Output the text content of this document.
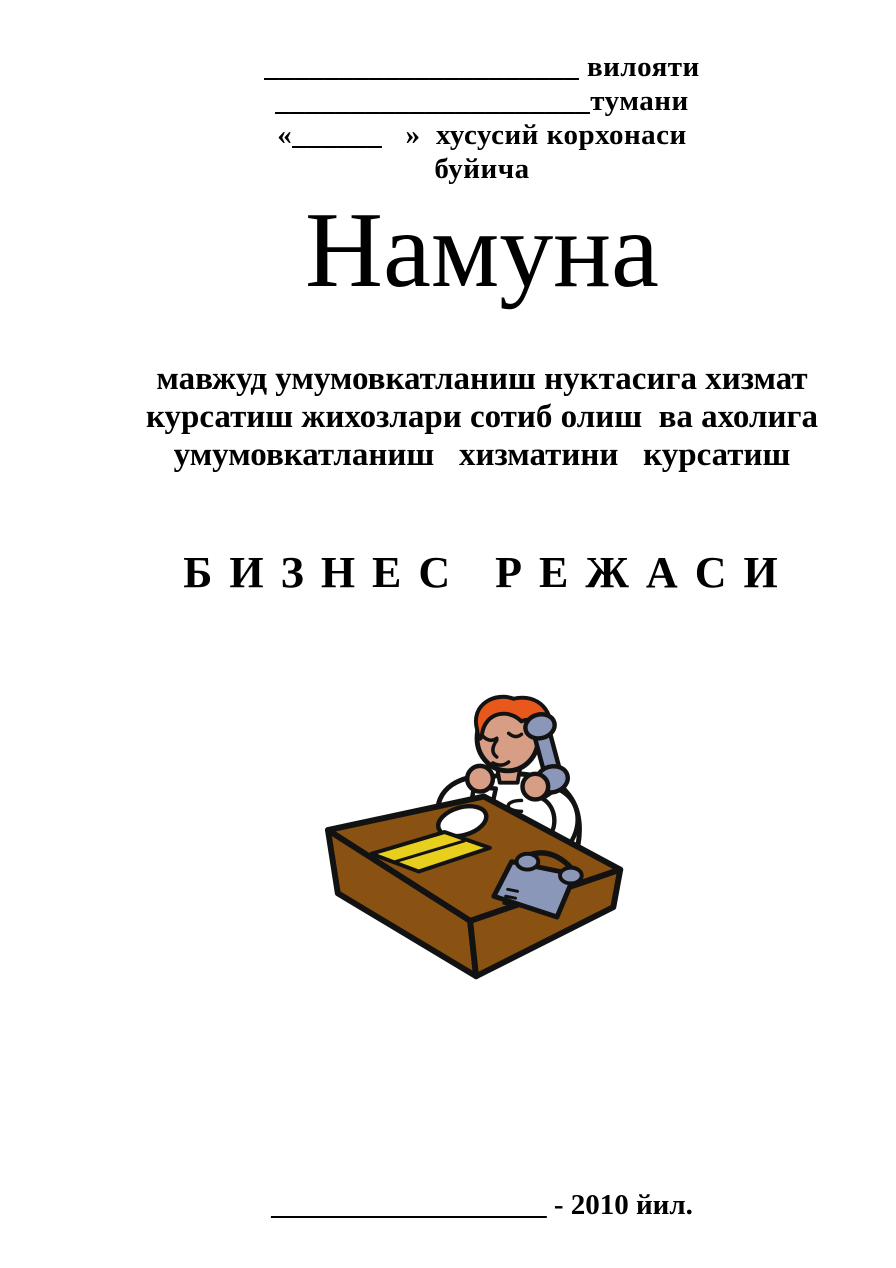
_____________________ вилояти
_____________________тумани
«______   »  хусусий корхонаси
буйича
Намуна
мавжуд умумовкатланиш нуктасига хизмат
курсатиш жихозлари сотиб олиш  ва ахолига
умумовкатланиш   хизматини   курсатиш
Б И З Н Е С   Р Е Ж А С И
___________________ - 2010 йил.
